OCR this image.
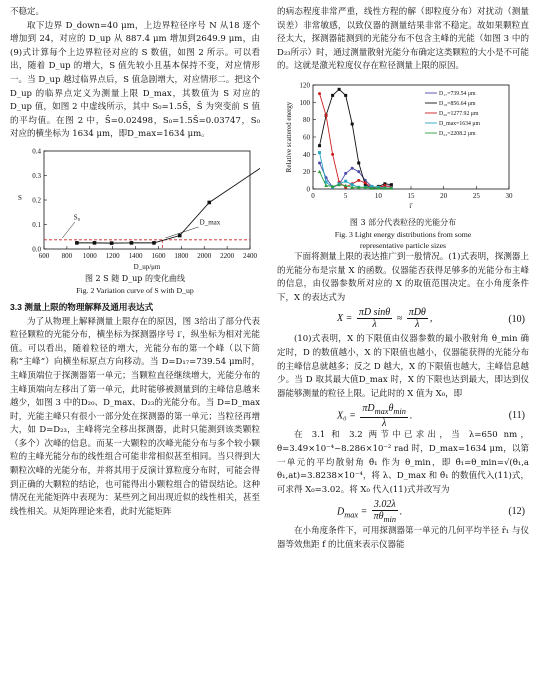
不稳定。

取下边界 D_down=40 μm，上边界粒径序号 N 从18 逐个增加到 24，对应的 D_up 从 887.4 μm 增加到2649.9 μm，由(9)式计算每个上边界粒径对应的 S 数值，如图 2 所示。可以看出，随着 D_up 的增大，S 值先较小且基本保持不变，对应情形一。当 D_up 越过临界点后，S 值急剧增大，对应情形二。把这个 D_up 的临界点定义为测量上限 D_max，其数值为 S 对应的 D_up 值，如图 2 中虚线所示，其中 S₀=1.5S̄，S̄ 为突变前 S 值的平均值。在图 2 中，S̄=0.02498，S₀=1.5S̄=0.03747，S₀ 对应的横坐标为 1634 μm，即D_max=1634 μm。

600 800 1000 1200 1400 1600 1800 2000 2200 2400
0.0
0.1
0.2
0.3
0.4
D_up/μm
S
S₀
D_max
图 2 S 随 D_up 的变化曲线
Fig. 2 Variation curve of S with D_up
3.3 测量上限的物理解释及通用表达式

为了从物理上解释测量上限存在的原因，图 3给出了部分代表粒径颗粒的光能分布，横坐标为探测器序号 i′，纵坐标为相对光能值。可以看出，随着粒径的增大，光能分布的第一个峰（以下简称“主峰”）向横坐标原点方向移动。当 D=D₁₇=739.54 μm时，主峰顶端位于探测器第一单元；当颗粒直径继续增大，光能分布的主峰顶端向左移出了第一单元，此时能够被测量到的主峰信息越来越少，如图 3 中的D₂₀、D_max、D₂₃的光能分布。当 D=D_max 时，光能主峰只有很小一部分处在探测器的第一单元；当粒径再增大，如 D=D₂₃，主峰将完全移出探测器，此时只能测到该类颗粒（多个）次峰的信息。而某一大颗粒的次峰光能分布与多个较小颗粒的主峰光能分布的线性组合可能非常相似甚至相同。当只得到大颗粒次峰的光能分布，并将其用于反演计算粒度分布时，可能会得到正确的大颗粒的结论，也可能得出小颗粒组合的错误结论。这种情况在光能矩阵中表现为：某些列之间出现近似的线性相关，甚至线性相关。从矩阵理论来看，此时光能矩阵

的病态程度非常严重，线性方程的解（即粒度分布）对扰动（测量误差）非常敏感，以致仪器的测量结果非常不稳定。故如果颗粒直径太大，探测器能测到的光能分布不包含主峰的光能（如图 3 中的 D₂₃所示）时，通过测量散射光能分布确定这类颗粒的大小是不可能的。这就是激光粒度仪存在粒径测量上限的原因。

0	5	10	15	20	25	30
0
20
40
60
80
100
120
i′
Relative scattered energy
D₁₇=739.54 μm
D₁₈=856.64 μm
D₂₀=1277.92 μm
D_max=1634 μm
D₂₃=2208.2 μm
图 3 部分代表粒径的光能分布
Fig. 3 Light energy distributions from some
representative particle sizes

下面将测量上限的表达推广到一般情况。(1)式表明，探测器上的光能分布是宗量 X 的函数。仪器能否获得足够多的光能分布主峰的信息，由仪器参数所对应的 X 的取值范围决定。在小角度条件下，X 的表达式为

$X = \frac{\text{πD sinθ}}{\lambda} \approx \frac{\text{πDθ}}{\lambda}$ ,	(10)

(10)式表明，X 的下限值由仪器参数的最小散射角 θ_min 确定时，D 的数值越小，X 的下限值也越小，仪器能获得的光能分布的主峰信息就越多；反之 D 越大，X 的下限值也越大，主峰信息越少。当 D 取其最大值D_max 时，X 的下限也达到最大，即达到仪器能够测量的粒径上限。记此时的 X 值为 X₀，即

$X_0 = \frac{\pi D_{max}\theta_{min}}{\lambda}$ .	(11)

在 3.1 和 3.2 两节中已求出，当 λ=650 nm，θ=3.49×10⁻⁴~8.286×10⁻² rad 时，D_max=1634 μm，以第一单元的平均散射角 θ̄₁ 作为 θ_min，即 θ̄₁=θ_min=√(θ₁,a θ₁,at)=3.8238×10⁻⁴，将 λ、D_max 和 θ̄₁ 的数值代入(11)式，可求得 X₀=3.02。将 X₀ 代入(11)式并改写为

$D_{max} = \frac{3.02\lambda}{\pi\theta_{min}}$ .	(12)

在小角度条件下，可用探测器第一单元的几何平均半径 r̄₁ 与仪器等效焦距 f 的比值来表示仪器能
